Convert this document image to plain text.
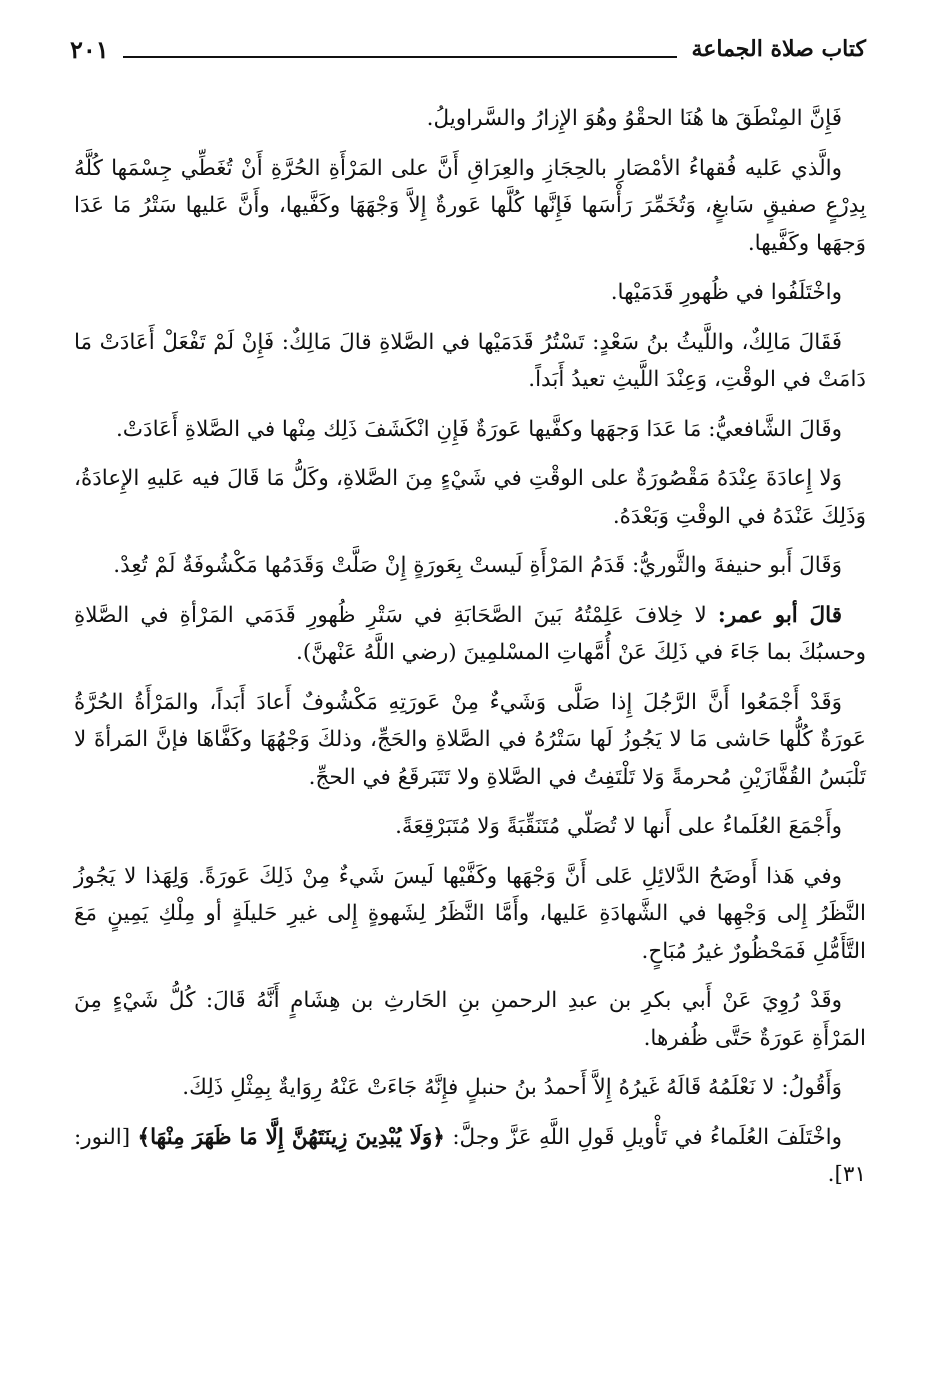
كتاب صلاة الجماعة
٢٠١

فَإِنَّ المِنْطَقَ ها هُنَا الحقْوُ وهُوَ الإِزارُ والسَّراويلُ.

والَّذي عَليه فُقهاءُ الأمْصَارِ بالحِجَازِ والعِرَاقِ أَنَّ على المَرْأَةِ الحُرَّةِ أَنْ تُغَطِّي جِسْمَها كُلَّهُ بِدِرْعٍ صفيقٍ سَابغٍ، وَتُخَمِّرَ رَأْسَها فَإِنَّها كُلَّها عَورةٌ إِلاَّ وَجْهَهَا وكَفَّيها، وأَنَّ عَليها سَتْرُ مَا عَدَا وَجهَها وكَفَّيها.

واخْتَلَفُوا في ظُهورِ قَدَمَيْها.

فَقَالَ مَالِكٌ، واللَّيثُ بنُ سَعْدٍ: تَسْتُرُ قَدَمَيْها في الصَّلاةِ قالَ مَالِكٌ: فَإِنْ لَمْ تَفْعَلْ أَعَادَتْ مَا دَامَتْ في الوقْتِ، وَعِنْدَ اللَّيثِ تعيدُ أَبَداً.

وقَالَ الشَّافعيُّ: مَا عَدَا وَجهَها وكفَّيها عَورَةٌ فَإِنِ انْكَشَفَ ذَلِك مِنْها في الصَّلاةِ أَعَادَتْ.

وَلا إِعادَةَ عِنْدَهُ مَقْصُورَةٌ على الوقْتِ في شَيْءٍ مِنَ الصَّلاةِ، وكَلُّ مَا قَالَ فيه عَليهِ الإِعادَةُ، وَذَلِكَ عَنْدَهُ في الوقْتِ وَبَعْدَهُ.

وَقَالَ أَبو حنيفةَ والثَّوريُّ: قَدَمُ المَرْأَةِ لَيستْ بِعَورَةٍ إِنْ صَلَّتْ وَقَدَمُها مَكْشُوفَةٌ لَمْ تُعِدْ.

قالَ أبو عمر: لا خِلافَ عَلِمْتُهُ بَينَ الصَّحَابَةِ في سَتْرِ ظُهورِ قَدَمَي المَرْأةِ في الصَّلاةِ وحسبُكَ بما جَاءَ في ذَلِكَ عَنْ أُمَّهاتِ المسْلمِينَ (رضي اللَّهُ عَنْهنَّ).

وَقَدْ أَجْمَعُوا أَنَّ الرَّجُلَ إِذا صَلَّى وَشَيءٌ مِنْ عَورَتِهِ مَكْشُوفٌ أَعادَ أَبَداً، والمَرْأَةُ الحُرَّةُ عَورَةٌ كُلُّها حَاشى مَا لا يَجُوزُ لَها سَتْرُهُ في الصَّلاةِ والحَجِّ، وذلكَ وَجْهُهَا وكَفَّاهَا فإنَّ المَرأةَ لا تَلْبَسُ القُفَّازَيْنِ مُحرمةً وَلا تَلْتَفِتُ في الصَّلاةِ ولا تَتَبَرقَعُ في الحجِّ.

وأَجْمَعَ العُلَماءُ على أَنها لا تُصَلّي مُتَنَقِّبَةً وَلا مُتَبَرْقِعَةً.

وفي هَذا أَوضَحُ الدَّلائِلِ عَلى أَنَّ وَجْهَها وكَفَّيْها لَيسَ شَيءٌ مِنْ ذَلِكَ عَورَةً. وَلِهَذا لا يَجُوزُ النَّظَرُ إِلى وَجْهِها في الشَّهادَةِ عَليها، وأَمَّا النَّظَرُ لِشَهوةٍ إِلى غيرِ حَليلَةٍ أو مِلْكِ يَمِينٍ مَعَ التَّأَمُّلِ فَمَحْظُورٌ غيرُ مُبَاحٍ.

وقَدْ رُوِيَ عَنْ أَبي بكرِ بن عبدِ الرحمنِ بنِ الحَارثِ بن هِشَامٍ أَنَّهُ قَالَ: كُلُّ شَيْءٍ مِنَ المَرْأَةِ عَورَةٌ حَتَّى ظُفرها.

وَأَقُولُ: لا نَعْلَمُهُ قَالَهُ غَيرُهُ إِلاَّ أَحمدُ بنُ حنبلٍ فإِنَّهُ جَاءَتْ عَنْهُ رِوَايةٌ بِمِثْلِ ذَلِكَ.

واخْتَلَفَ العُلَماءُ في تَأْويلِ قَولِ اللَّهِ عَزَّ وجلَّ: ﴿وَلَا يُبْدِينَ زِينَتَهُنَّ إِلَّا مَا ظَهَرَ مِنْهَا﴾ [النور: ٣١].
